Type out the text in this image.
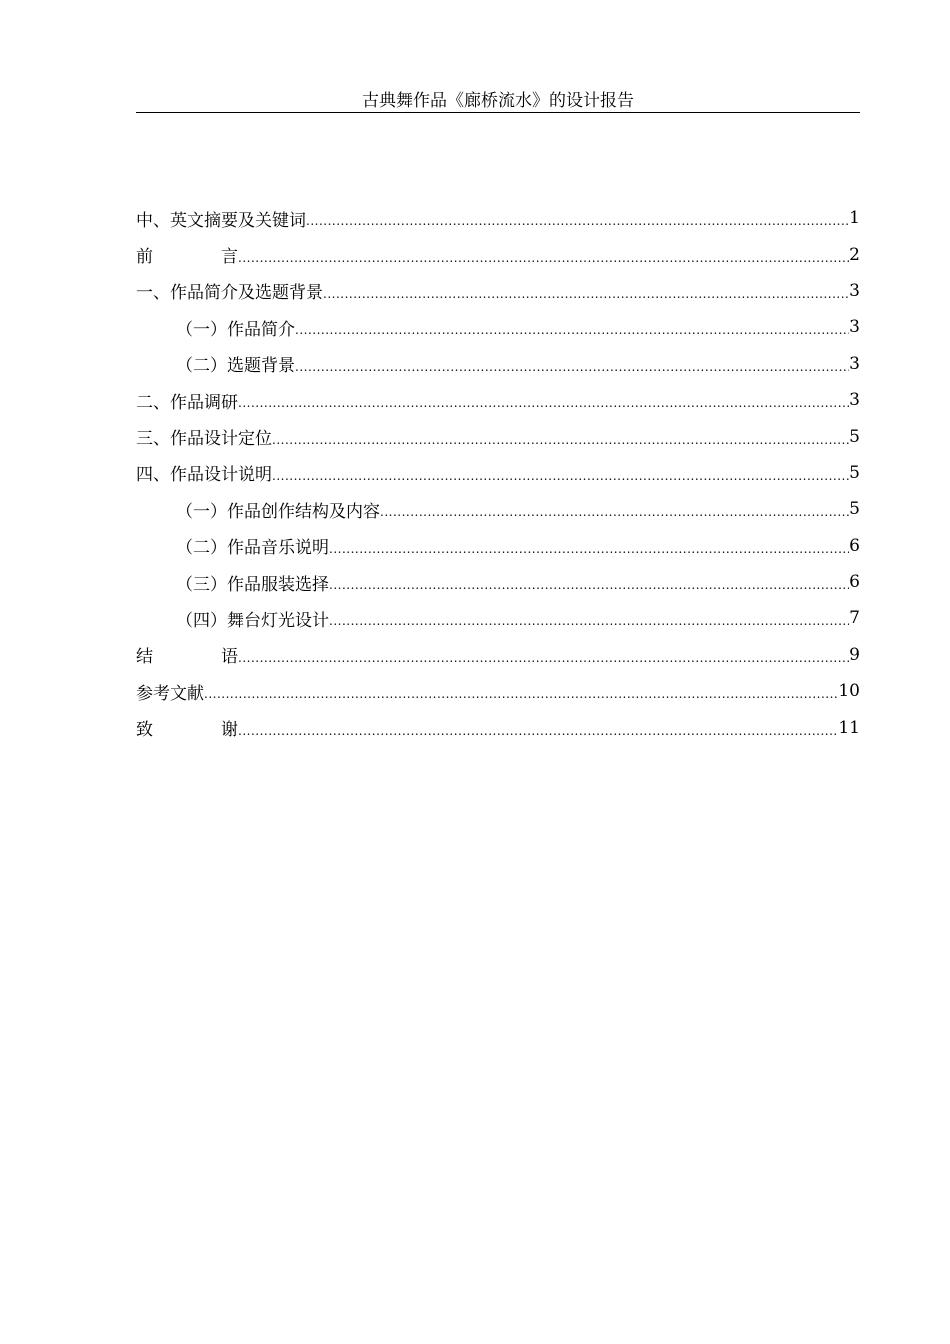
古典舞作品《廊桥流水》的设计报告
中、英文摘要及关键词 .....	1
前　　　　言 .....	2
一、作品简介及选题背景 .....	3
（一）作品简介 .....	3
（二）选题背景 .....	3
二、作品调研 .....	3
三、作品设计定位 .....	5
四、作品设计说明 .....	5
（一）作品创作结构及内容 .....	5
（二）作品音乐说明 .....	6
（三）作品服装选择 .....	6
（四）舞台灯光设计 .....	7
结　　　　语 .....	9
参考文献 .....	10
致　　　　谢 .....	11
